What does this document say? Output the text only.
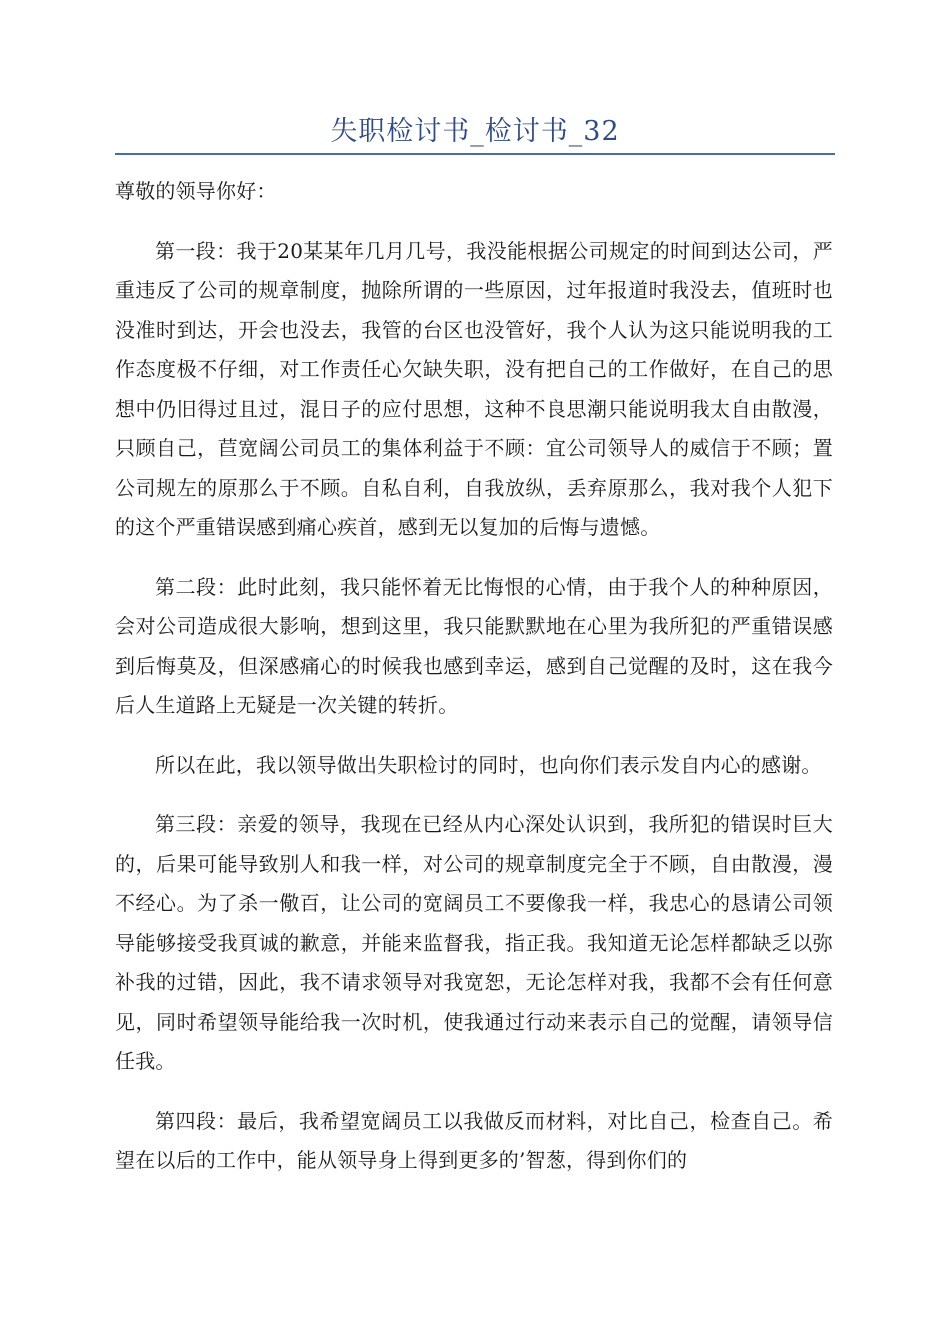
失职检讨书_检讨书_32

尊敬的领导你好：

第一段：我于20某某年几月几号，我没能根据公司规定的时间到达公司，严重违反了公司的规章制度，抛除所谓的一些原因，过年报道时我没去，值班时也没准时到达，开会也没去，我管的台区也没管好，我个人认为这只能说明我的工作态度极不仔细，对工作责任心欠缺失职，没有把自己的工作做好，在自己的思想中仍旧得过且过，混日子的应付思想，这种不良思潮只能说明我太自由散漫，只顾自己，苣宽阔公司员工的集体利益于不顾：宜公司领导人的威信于不顾；置公司规左的原那么于不顾。自私自利，自我放纵，丢弃原那么，我对我个人犯下的这个严重错误感到痛心疾首，感到无以复加的后悔与遗憾。

第二段：此时此刻，我只能怀着无比悔恨的心情，由于我个人的种种原因，会对公司造成很大影响，想到这里，我只能默默地在心里为我所犯的严重错误感到后悔莫及，但深感痛心的时候我也感到幸运，感到自己觉醒的及时，这在我今后人生道路上无疑是一次关键的转折。

所以在此，我以领导做出失职检讨的同时，也向你们表示发自内心的感谢。

第三段：亲爱的领导，我现在已经从内心深处认识到，我所犯的错误时巨大的，后果可能导致别人和我一样，对公司的规章制度完全于不顾，自由散漫，漫不经心。为了杀一儆百，让公司的宽阔员工不要像我一样，我忠心的恳请公司领导能够接受我頁诚的歉意，并能来监督我，指正我。我知道无论怎样都缺乏以弥补我的过错，因此，我不请求领导对我宽恕，无论怎样对我，我都不会有任何意见，同时希望领导能给我一次时机，使我通过行动来表示自己的觉醒，请领导信任我。

第四段：最后，我希望宽阔员工以我做反而材料，对比自己，检查自己。希望在以后的工作中，能从领导身上得到更多的’智葱，得到你们的
